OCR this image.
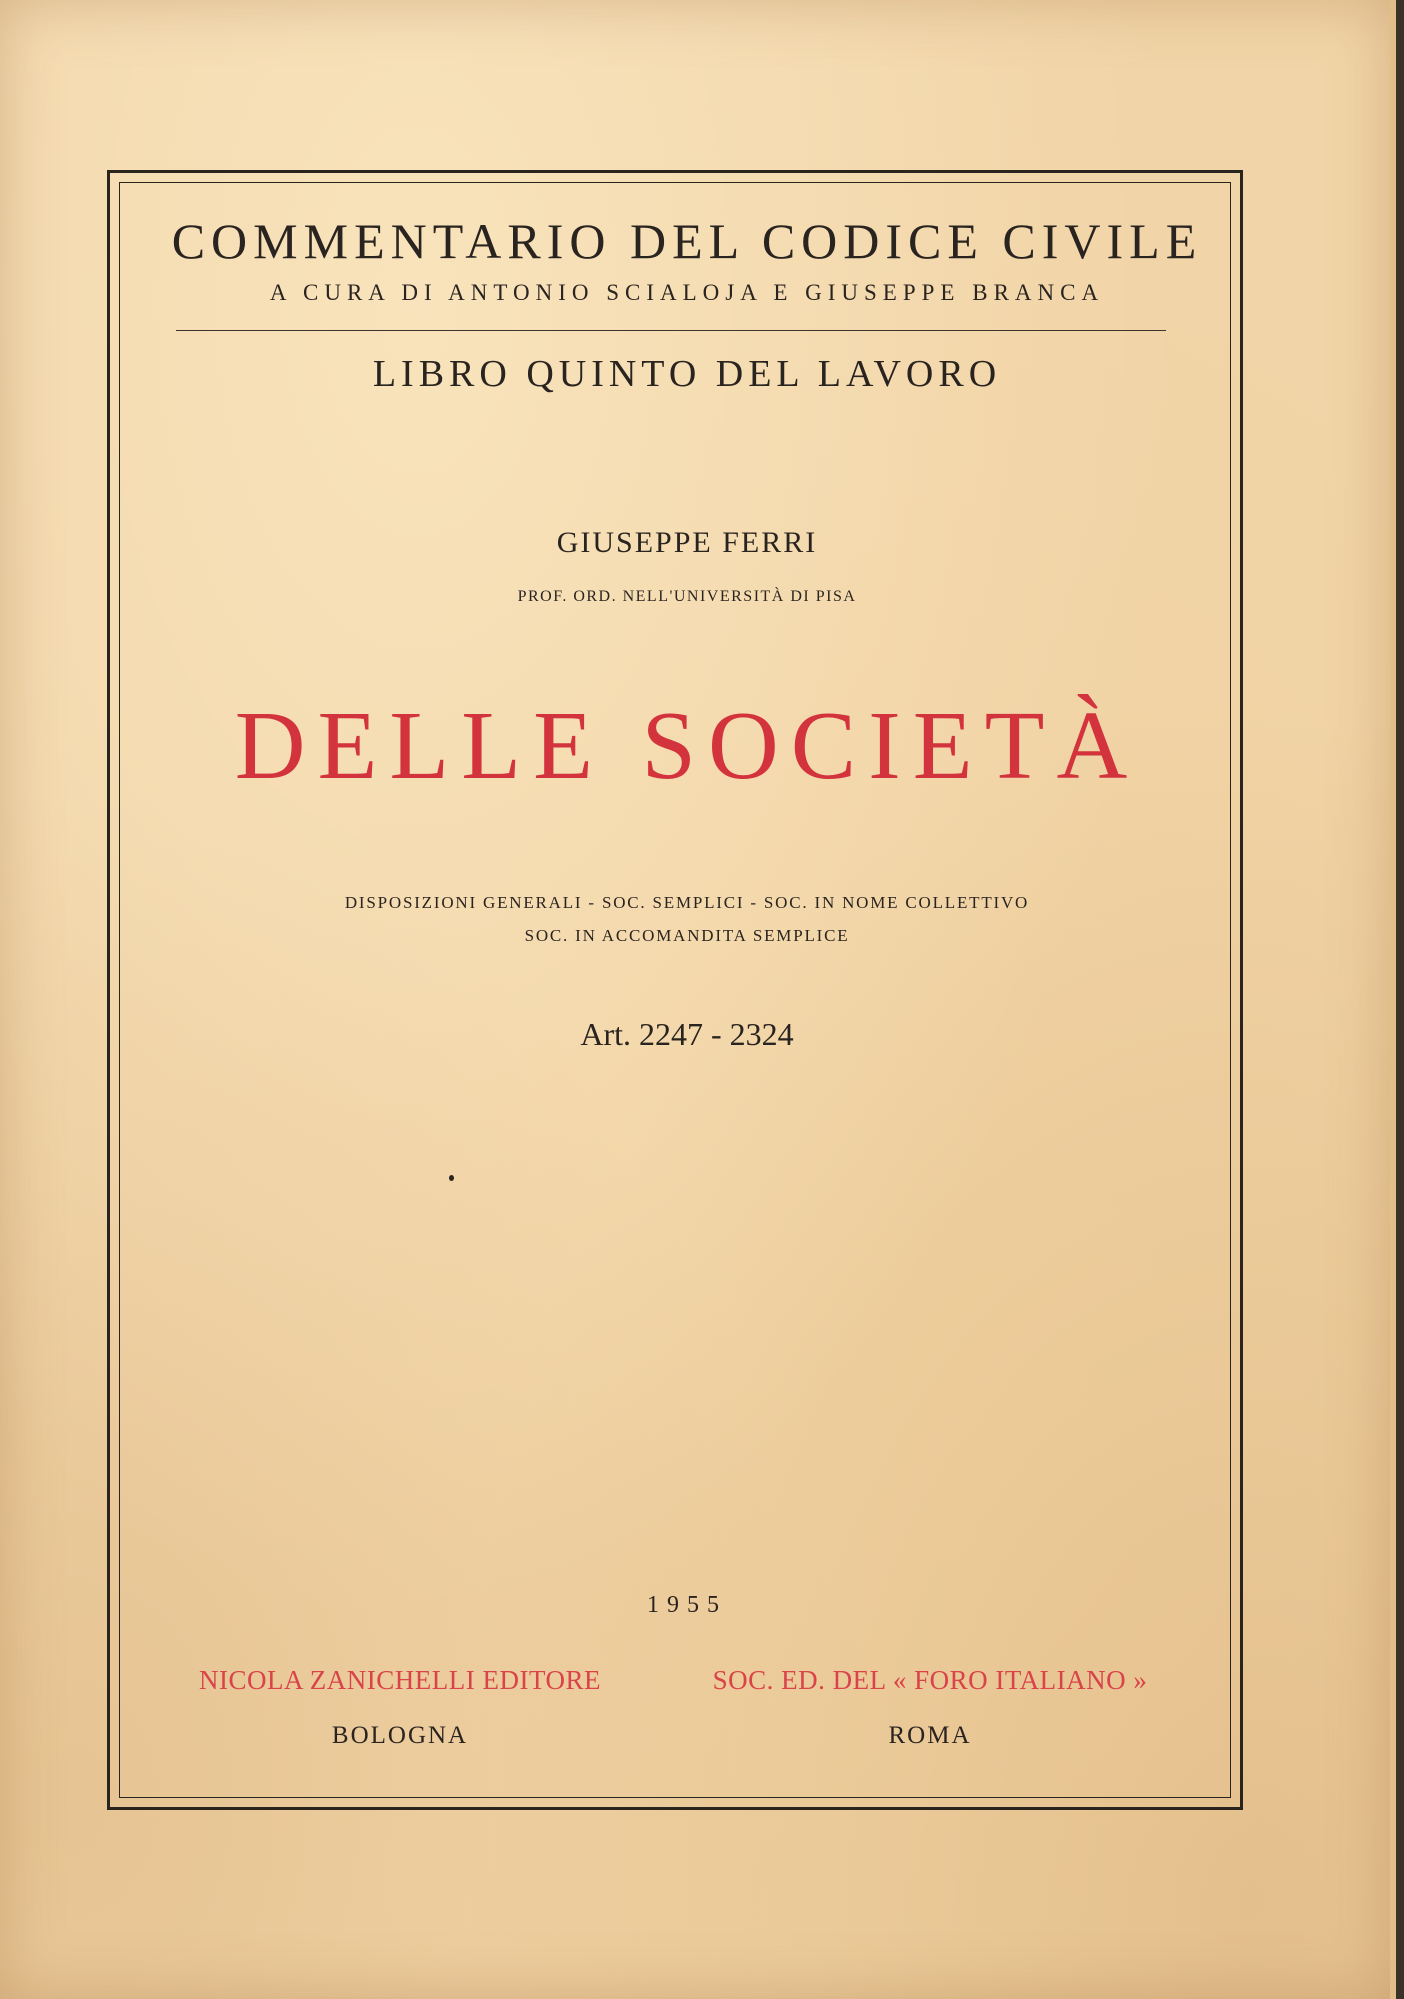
COMMENTARIO DEL CODICE CIVILE
A CURA DI ANTONIO SCIALOJA E GIUSEPPE BRANCA
LIBRO QUINTO DEL LAVORO
GIUSEPPE FERRI
PROF. ORD. NELL'UNIVERSITÀ DI PISA
DELLE SOCIETÀ
DISPOSIZIONI GENERALI - SOC. SEMPLICI - SOC. IN NOME COLLETTIVO
SOC. IN ACCOMANDITA SEMPLICE
Art. 2247 - 2324
1955
NICOLA ZANICHELLI EDITORE	SOC. ED. DEL « FORO ITALIANO »
BOLOGNA	ROMA
